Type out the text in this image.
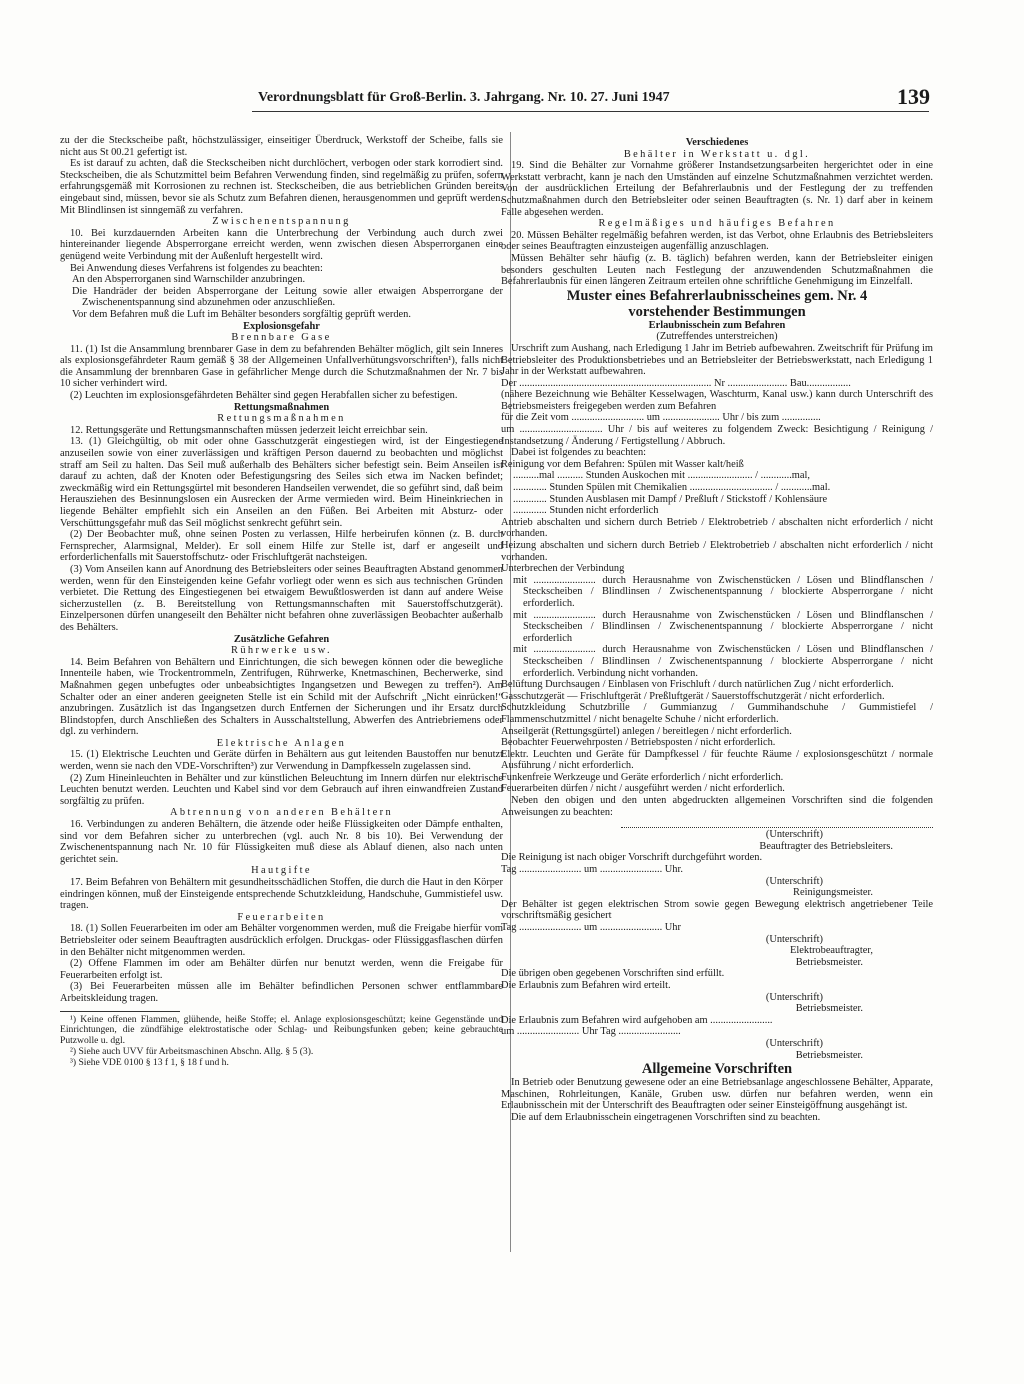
Verordnungsblatt für Groß-Berlin. 3. Jahrgang. Nr. 10. 27. Juni 1947	139

zu der die Steckscheibe paßt, höchstzulässiger, einseitiger Überdruck, Werkstoff der Scheibe, falls sie nicht aus St 00.21 gefertigt ist.

Es ist darauf zu achten, daß die Steckscheiben nicht durchlöchert, verbogen oder stark korrodiert sind. Steckscheiben, die als Schutzmittel beim Befahren Verwendung finden, sind regelmäßig zu prüfen, sofern erfahrungsgemäß mit Korrosionen zu rechnen ist. Steckscheiben, die aus betrieblichen Gründen bereits eingebaut sind, müssen, bevor sie als Schutz zum Befahren dienen, herausgenommen und geprüft werden. Mit Blindlinsen ist sinngemäß zu verfahren.

Zwischenentspannung

10. Bei kurzdauernden Arbeiten kann die Unterbrechung der Verbindung auch durch zwei hintereinander liegende Absperrorgane erreicht werden, wenn zwischen diesen Absperrorganen eine genügend weite Verbindung mit der Außenluft hergestellt wird.

Bei Anwendung dieses Verfahrens ist folgendes zu beachten:

An den Absperrorganen sind Warnschilder anzubringen.

Die Handräder der beiden Absperrorgane der Leitung sowie aller etwaigen Absperrorgane der Zwischenentspannung sind abzunehmen oder anzuschließen.

Vor dem Befahren muß die Luft im Behälter besonders sorgfältig geprüft werden.

Explosionsgefahr

Brennbare Gase

11. (1) Ist die Ansammlung brennbarer Gase in dem zu befahrenden Behälter möglich, gilt sein Inneres als explosionsgefährdeter Raum gemäß § 38 der Allgemeinen Unfallverhütungsvorschriften¹), falls nicht die Ansammlung der brennbaren Gase in gefährlicher Menge durch die Schutzmaßnahmen der Nr. 7 bis 10 sicher verhindert wird.

(2) Leuchten im explosionsgefährdeten Behälter sind gegen Herabfallen sicher zu befestigen.

Rettungsmaßnahmen

Rettungsmaßnahmen

12. Rettungsgeräte und Rettungsmannschaften müssen jederzeit leicht erreichbar sein.

13. (1) Gleichgültig, ob mit oder ohne Gasschutzgerät eingestiegen wird, ist der Eingestiegene anzuseilen sowie von einer zuverlässigen und kräftigen Person dauernd zu beobachten und möglichst straff am Seil zu halten. Das Seil muß außerhalb des Behälters sicher befestigt sein. Beim Anseilen ist darauf zu achten, daß der Knoten oder Befestigungsring des Seiles sich etwa im Nacken befindet; zweckmäßig wird ein Rettungsgürtel mit besonderen Handseilen verwendet, die so geführt sind, daß beim Herausziehen des Besinnungslosen ein Ausrecken der Arme vermieden wird. Beim Hineinkriechen in liegende Behälter empfiehlt sich ein Anseilen an den Füßen. Bei Arbeiten mit Absturz- oder Verschüttungsgefahr muß das Seil möglichst senkrecht geführt sein.

(2) Der Beobachter muß, ohne seinen Posten zu verlassen, Hilfe herbeirufen können (z. B. durch Fernsprecher, Alarmsignal, Melder). Er soll einem Hilfe zur Stelle ist, darf er angeseilt und erforderlichenfalls mit Sauerstoffschutz- oder Frischluftgerät nachsteigen.

(3) Vom Anseilen kann auf Anordnung des Betriebsleiters oder seines Beauftragten Abstand genommen werden, wenn für den Einsteigenden keine Gefahr vorliegt oder wenn es sich aus technischen Gründen verbietet. Die Rettung des Eingestiegenen bei etwaigem Bewußtloswerden ist dann auf andere Weise sicherzustellen (z. B. Bereitstellung von Rettungsmannschaften mit Sauerstoffschutzgerät). Einzelpersonen dürfen unangeseilt den Behälter nicht befahren ohne zuverlässigen Beobachter außerhalb des Behälters.

Zusätzliche Gefahren

Rührwerke usw.

14. Beim Befahren von Behältern und Einrichtungen, die sich bewegen können oder die bewegliche Innenteile haben, wie Trockentrommeln, Zentrifugen, Rührwerke, Knetmaschinen, Becherwerke, sind Maßnahmen gegen unbefugtes oder unbeabsichtigtes Ingangsetzen und Bewegen zu treffen²). Am Schalter oder an einer anderen geeigneten Stelle ist ein Schild mit der Aufschrift „Nicht einrücken!“ anzubringen. Zusätzlich ist das Ingangsetzen durch Entfernen der Sicherungen und ihr Ersatz durch Blindstopfen, durch Anschließen des Schalters in Ausschaltstellung, Abwerfen des Antriebriemens oder dgl. zu verhindern.

Elektrische Anlagen

15. (1) Elektrische Leuchten und Geräte dürfen in Behältern aus gut leitenden Baustoffen nur benutzt werden, wenn sie nach den VDE-Vorschriften³) zur Verwendung in Dampfkesseln zugelassen sind.

(2) Zum Hineinleuchten in Behälter und zur künstlichen Beleuchtung im Innern dürfen nur elektrische Leuchten benutzt werden. Leuchten und Kabel sind vor dem Gebrauch auf ihren einwandfreien Zustand sorgfältig zu prüfen.

Abtrennung von anderen Behältern

16. Verbindungen zu anderen Behältern, die ätzende oder heiße Flüssigkeiten oder Dämpfe enthalten, sind vor dem Befahren sicher zu unterbrechen (vgl. auch Nr. 8 bis 10). Bei Verwendung der Zwischenentspannung nach Nr. 10 für Flüssigkeiten muß diese als Ablauf dienen, also nach unten gerichtet sein.

Hautgifte

17. Beim Befahren von Behältern mit gesundheitsschädlichen Stoffen, die durch die Haut in den Körper eindringen können, muß der Einsteigende entsprechende Schutzkleidung, Handschuhe, Gummistiefel usw. tragen.

Feuerarbeiten

18. (1) Sollen Feuerarbeiten im oder am Behälter vorgenommen werden, muß die Freigabe hierfür vom Betriebsleiter oder seinem Beauftragten ausdrücklich erfolgen. Druckgas- oder Flüssiggasflaschen dürfen in den Behälter nicht mitgenommen werden.

(2) Offene Flammen im oder am Behälter dürfen nur benutzt werden, wenn die Freigabe für Feuerarbeiten erfolgt ist.

(3) Bei Feuerarbeiten müssen alle im Behälter befindlichen Personen schwer entflammbare Arbeitskleidung tragen.

¹) Keine offenen Flammen, glühende, heiße Stoffe; el. Anlage explosionsgeschützt; keine Gegenstände und Einrichtungen, die zündfähige elektrostatische oder Schlag- und Reibungsfunken geben; keine gebrauchte Putzwolle u. dgl.

²) Siehe auch UVV für Arbeitsmaschinen Abschn. Allg. § 5 (3).

³) Siehe VDE 0100 § 13 f 1, § 18 f und h.

Verschiedenes

Behälter in Werkstatt u. dgl.

19. Sind die Behälter zur Vornahme größerer Instandsetzungsarbeiten hergerichtet oder in eine Werkstatt verbracht, kann je nach den Umständen auf einzelne Schutzmaßnahmen verzichtet werden. Von der ausdrücklichen Erteilung der Befahrerlaubnis und der Festlegung der zu treffenden Schutzmaßnahmen durch den Betriebsleiter oder seinen Beauftragten (s. Nr. 1) darf aber in keinem Falle abgesehen werden.

Regelmäßiges und häufiges Befahren

20. Müssen Behälter regelmäßig befahren werden, ist das Verbot, ohne Erlaubnis des Betriebsleiters oder seines Beauftragten einzusteigen augenfällig anzuschlagen.

Müssen Behälter sehr häufig (z. B. täglich) befahren werden, kann der Betriebsleiter einigen besonders geschulten Leuten nach Festlegung der anzuwendenden Schutzmaßnahmen die Befahrerlaubnis für einen längeren Zeitraum erteilen ohne schriftliche Genehmigung im Einzelfall.

Muster eines Befahrerlaubnisscheines gem. Nr. 4

vorstehender Bestimmungen

Erlaubnisschein zum Befahren

(Zutreffendes unterstreichen)

Urschrift zum Aushang, nach Erledigung 1 Jahr im Betrieb aufbewahren. Zweitschrift für Prüfung im Betriebsleiter des Produktionsbetriebes und an Betriebsleiter der Betriebswerkstatt, nach Erledigung 1 Jahr in der Werkstatt aufbewahren.

Der .......................................................................... Nr ....................... Bau.................

(nähere Bezeichnung wie Behälter Kesselwagen, Waschturm, Kanal usw.) kann durch Unterschrift des Betriebsmeisters freigegeben werden zum Befahren

für die Zeit vom ............................ um ...................... Uhr / bis zum ...............

um ................................ Uhr / bis auf weiteres zu folgendem Zweck: Besichtigung / Reinigung / Instandsetzung / Änderung / Fertigstellung / Abbruch.

Dabei ist folgendes zu beachten:

Reinigung vor dem Befahren: Spülen mit Wasser kalt/heiß

..........mal .......... Stunden Auskochen mit ......................... / ............mal,

............. Stunden Spülen mit Chemikalien ................................ / ............mal.

............. Stunden Ausblasen mit Dampf / Preßluft / Stickstoff / Kohlensäure

............. Stunden nicht erforderlich

Antrieb abschalten und sichern durch Betrieb / Elektrobetrieb / abschalten nicht erforderlich / nicht vorhanden.

Heizung abschalten und sichern durch Betrieb / Elektrobetrieb / abschalten nicht erforderlich / nicht vorhanden.

Unterbrechen der Verbindung

mit ........................ durch Herausnahme von Zwischenstücken / Lösen und Blindflanschen / Steckscheiben / Blindlinsen / Zwischenentspannung / blockierte Absperrorgane / nicht erforderlich.

mit ........................ durch Herausnahme von Zwischenstücken / Lösen und Blindflanschen / Steckscheiben / Blindlinsen / Zwischenentspannung / blockierte Absperrorgane / nicht erforderlich

mit ........................ durch Herausnahme von Zwischenstücken / Lösen und Blindflanschen / Steckscheiben / Blindlinsen / Zwischenentspannung / blockierte Absperrorgane / nicht erforderlich. Verbindung nicht vorhanden.

Belüftung Durchsaugen / Einblasen von Frischluft / durch natürlichen Zug / nicht erforderlich.

Gasschutzgerät — Frischluftgerät / Preßluftgerät / Sauerstoffschutzgerät / nicht erforderlich.

Schutzkleidung Schutzbrille / Gummianzug / Gummihandschuhe / Gummistiefel / Flammenschutzmittel / nicht benagelte Schuhe / nicht erforderlich.

Anseilgerät (Rettungsgürtel) anlegen / bereitlegen / nicht erforderlich.

Beobachter Feuerwehrposten / Betriebsposten / nicht erforderlich.

Elektr. Leuchten und Geräte für Dampfkessel / für feuchte Räume / explosionsgeschützt / normale Ausführung / nicht erforderlich.

Funkenfreie Werkzeuge und Geräte erforderlich / nicht erforderlich.

Feuerarbeiten dürfen / nicht / ausgeführt werden / nicht erforderlich.

Neben den obigen und den unten abgedruckten allgemeinen Vorschriften sind die folgenden Anweisungen zu beachten:

(Unterschrift)

Beauftragter des Betriebsleiters.

Die Reinigung ist nach obiger Vorschrift durchgeführt worden.

Tag ........................ um ........................ Uhr.

(Unterschrift)

Reinigungsmeister.

Der Behälter ist gegen elektrischen Strom sowie gegen Bewegung elektrisch angetriebener Teile vorschriftsmäßig gesichert

Tag ........................ um ........................ Uhr

(Unterschrift)

Elektrobeauftragter,

Betriebsmeister.

Die übrigen oben gegebenen Vorschriften sind erfüllt.

Die Erlaubnis zum Befahren wird erteilt.

(Unterschrift)

Betriebsmeister.

Die Erlaubnis zum Befahren wird aufgehoben am ........................

um ........................ Uhr Tag ........................

(Unterschrift)

Betriebsmeister.

Allgemeine Vorschriften

In Betrieb oder Benutzung gewesene oder an eine Betriebsanlage angeschlossene Behälter, Apparate, Maschinen, Rohrleitungen, Kanäle, Gruben usw. dürfen nur befahren werden, wenn ein Erlaubnisschein mit der Unterschrift des Beauftragten oder seiner Einsteigöffnung ausgehängt ist.

Die auf dem Erlaubnisschein eingetragenen Vorschriften sind zu beachten.
